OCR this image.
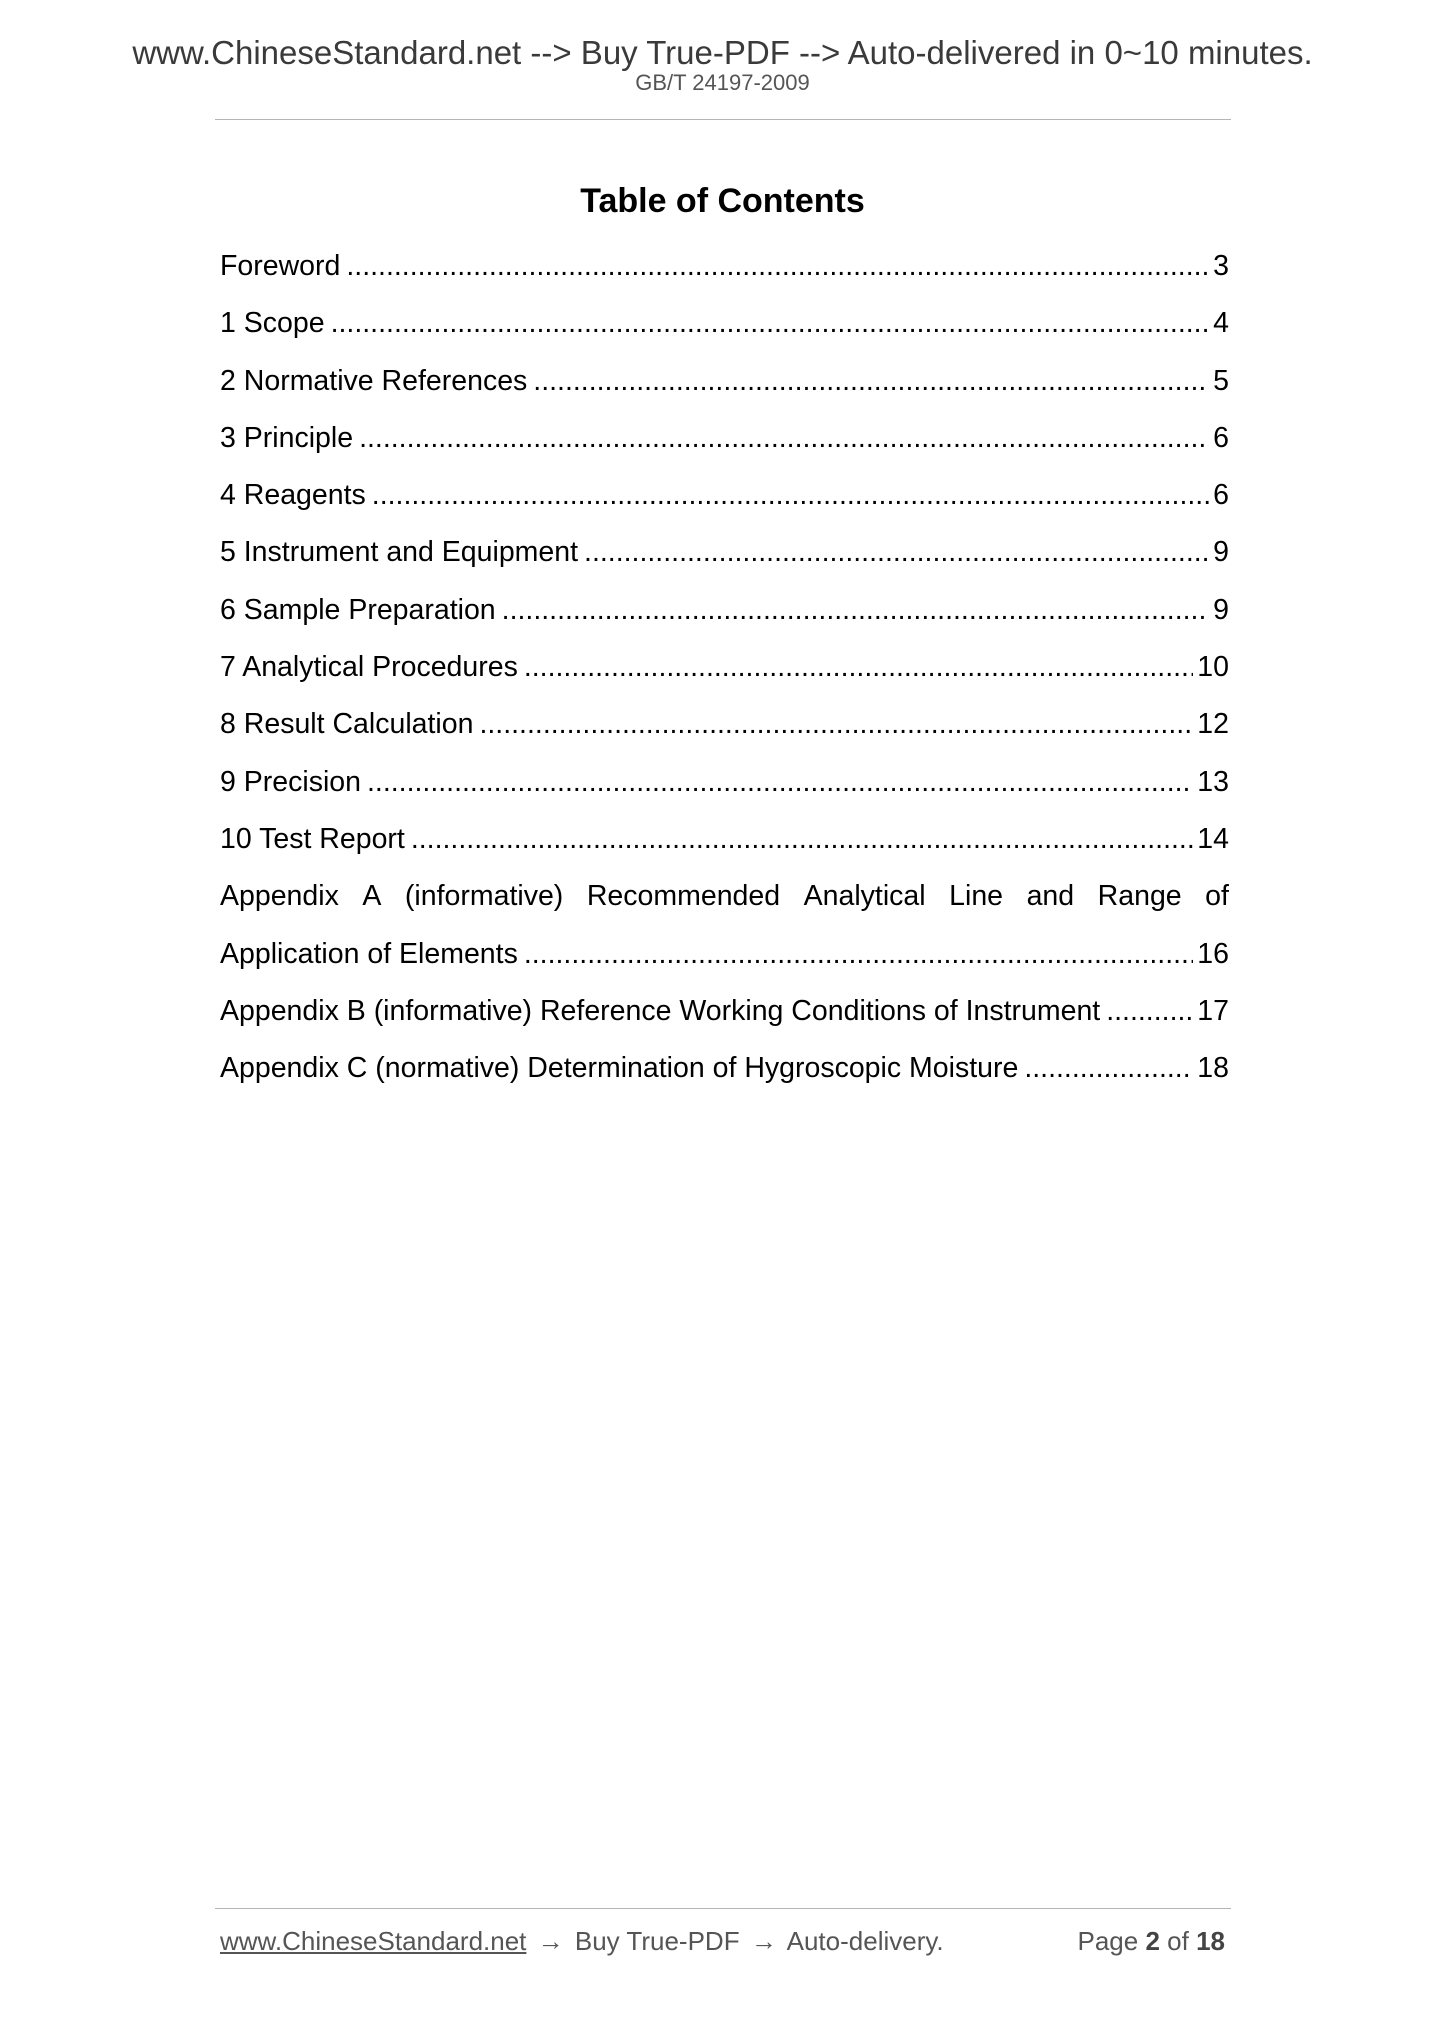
www.ChineseStandard.net --> Buy True-PDF --> Auto-delivered in 0~10 minutes.
GB/T 24197-2009
Table of Contents
Foreword .....	3
1 Scope .....	4
2 Normative References .....	5
3 Principle .....	6
4 Reagents .....	6
5 Instrument and Equipment .....	9
6 Sample Preparation .....	9
7 Analytical Procedures .....	10
8 Result Calculation .....	12
9 Precision .....	13
10 Test Report .....	14
Appendix A (informative) Recommended Analytical Line and Range of
Application of Elements .....	16
Appendix B (informative) Reference Working Conditions of Instrument .....	17
Appendix C (normative) Determination of Hygroscopic Moisture .....	18
www.ChineseStandard.net → Buy True-PDF → Auto-delivery.	Page 2 of 18
